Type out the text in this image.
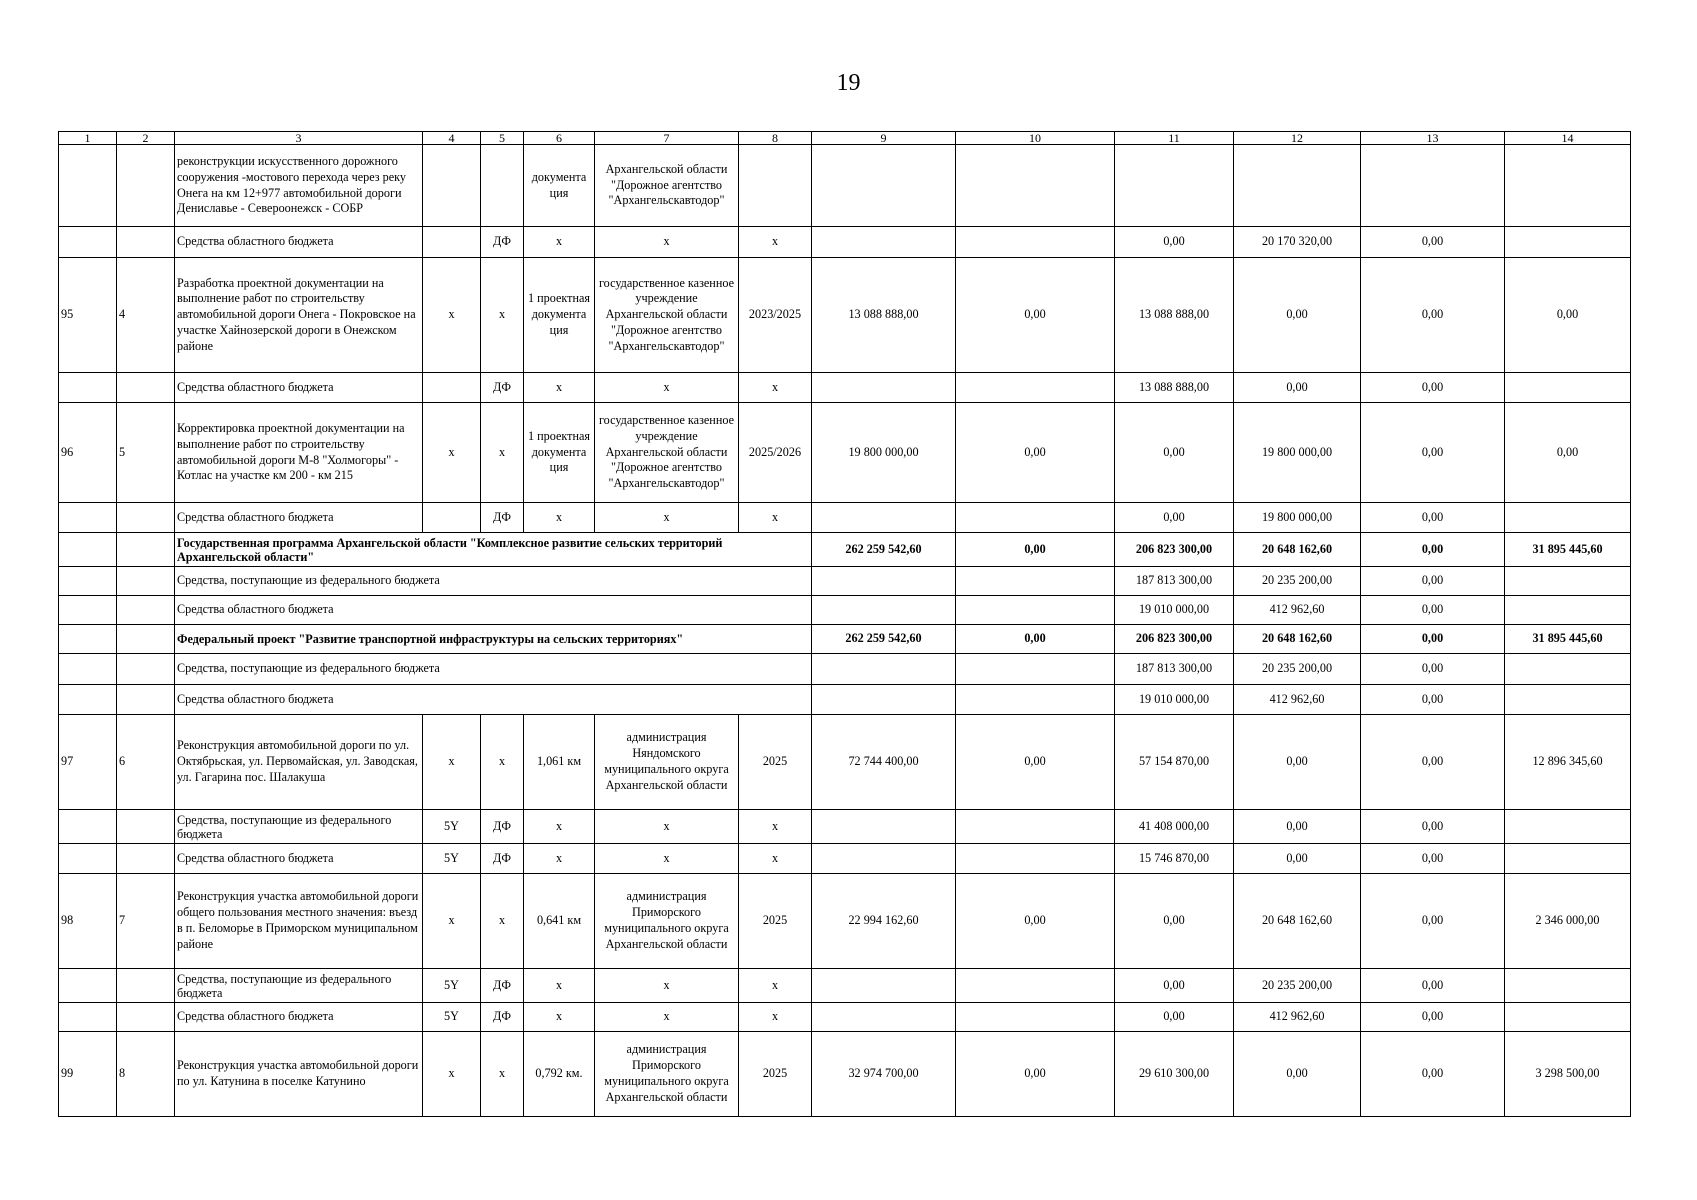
19
1	2	3	4	5	6	7	8	9	10	11	12	13	14
		реконструкции искусственного дорожного сооружения -мостового перехода через реку Онега на км 12+977 автомобильной дороги Дениславье - Североонежск - СОБР			документа ция	Архангельской области "Дорожное агентство "Архангельскавтодор"							
		Средства областного бюджета		ДФ	x	x	x			0,00	20 170 320,00	0,00	
95	4	Разработка проектной документации на выполнение работ по строительству автомобильной дороги Онега - Покровское на участке Хайнозерской дороги в Онежском районе	x	x	1 проектная документа ция	государственное казенное учреждение Архангельской области "Дорожное агентство "Архангельскавтодор"	2023/2025	13 088 888,00	0,00	13 088 888,00	0,00	0,00	0,00
		Средства областного бюджета		ДФ	x	x	x			13 088 888,00	0,00	0,00	
96	5	Корректировка проектной документации на выполнение работ по строительству автомобильной дороги М-8 "Холмогоры" - Котлас на участке км 200 - км 215	x	x	1 проектная документа ция	государственное казенное учреждение Архангельской области "Дорожное агентство "Архангельскавтодор"	2025/2026	19 800 000,00	0,00	0,00	19 800 000,00	0,00	0,00
		Средства областного бюджета		ДФ	x	x	x			0,00	19 800 000,00	0,00	
		Государственная программа Архангельской области "Комплексное развитие сельских территорий Архангельской области"						262 259 542,60	0,00	206 823 300,00	20 648 162,60	0,00	31 895 445,60
		Средства, поступающие из федерального бюджета								187 813 300,00	20 235 200,00	0,00	
		Средства областного бюджета								19 010 000,00	412 962,60	0,00	
		Федеральный проект "Развитие транспортной инфраструктуры на сельских территориях"						262 259 542,60	0,00	206 823 300,00	20 648 162,60	0,00	31 895 445,60
		Средства, поступающие из федерального бюджета								187 813 300,00	20 235 200,00	0,00	
		Средства областного бюджета								19 010 000,00	412 962,60	0,00	
97	6	Реконструкция автомобильной дороги по ул. Октябрьская, ул. Первомайская, ул. Заводская, ул. Гагарина пос. Шалакуша	x	x	1,061 км	администрация Няндомского муниципального округа Архангельской области	2025	72 744 400,00	0,00	57 154 870,00	0,00	0,00	12 896 345,60
		Средства, поступающие из федерального бюджета	5Y	ДФ	x	x	x			41 408 000,00	0,00	0,00	
		Средства областного бюджета	5Y	ДФ	x	x	x			15 746 870,00	0,00	0,00	
98	7	Реконструкция участка автомобильной дороги общего пользования местного значения: въезд в п. Беломорье в Приморском муниципальном районе	x	x	0,641 км	администрация Приморского муниципального округа Архангельской области	2025	22 994 162,60	0,00	0,00	20 648 162,60	0,00	2 346 000,00
		Средства, поступающие из федерального бюджета	5Y	ДФ	x	x	x			0,00	20 235 200,00	0,00	
		Средства областного бюджета	5Y	ДФ	x	x	x			0,00	412 962,60	0,00	
99	8	Реконструкция участка автомобильной дороги по ул. Катунина в поселке Катунино	x	x	0,792 км.	администрация Приморского муниципального округа Архангельской области	2025	32 974 700,00	0,00	29 610 300,00	0,00	0,00	3 298 500,00
